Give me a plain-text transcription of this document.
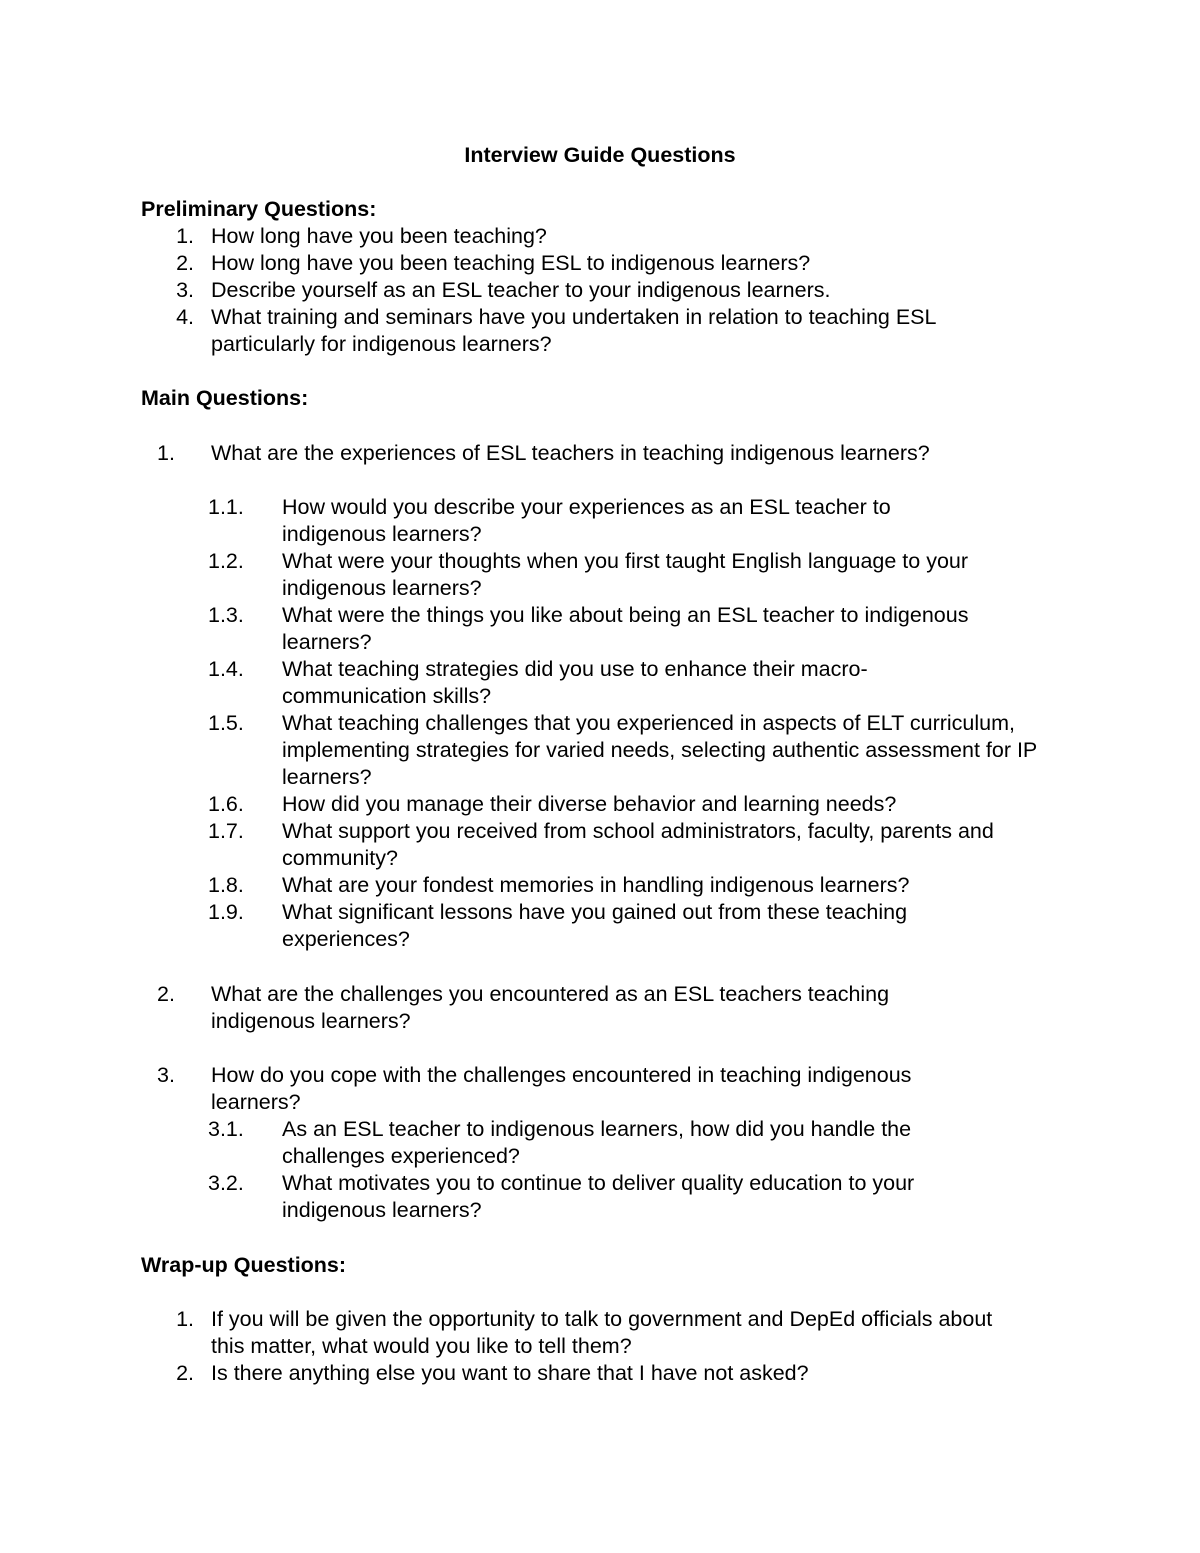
Interview Guide Questions
Preliminary Questions:
1. How long have you been teaching?
2. How long have you been teaching ESL to indigenous learners?
3. Describe yourself as an ESL teacher to your indigenous learners.
4. What training and seminars have you undertaken in relation to teaching ESL particularly for indigenous learners?
Main Questions:
1.	What are the experiences of ESL teachers in teaching indigenous learners?
1.1.	How would you describe your experiences as an ESL teacher to indigenous learners?
1.2.	What were your thoughts when you first taught English language to your indigenous learners?
1.3.	What were the things you like about being an ESL teacher to indigenous learners?
1.4.	What teaching strategies did you use to enhance their macro-communication skills?
1.5.	What teaching challenges that you experienced in aspects of ELT curriculum, implementing strategies for varied needs, selecting authentic assessment for IP learners?
1.6.	How did you manage their diverse behavior and learning needs?
1.7.	What support you received from school administrators, faculty, parents and community?
1.8.	What are your fondest memories in handling indigenous learners?
1.9.	What significant lessons have you gained out from these teaching experiences?
2.	What are the challenges you encountered as an ESL teachers teaching indigenous learners?
3.	How do you cope with the challenges encountered in teaching indigenous learners?
3.1.	As an ESL teacher to indigenous learners, how did you handle the challenges experienced?
3.2.	What motivates you to continue to deliver quality education to your indigenous learners?
Wrap-up Questions:
1. If you will be given the opportunity to talk to government and DepEd officials about this matter, what would you like to tell them?
2. Is there anything else you want to share that I have not asked?
